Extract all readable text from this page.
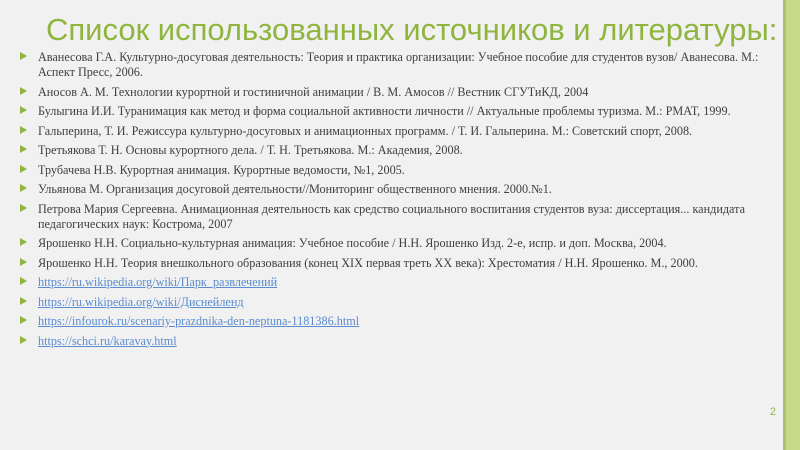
Список использованных источников и литературы:
Аванесова Г.А. Культурно-досуговая деятельность: Теория и практика организации: Учебное пособие для студентов вузов/ Аванесова. М.: Аспект Пресс, 2006.
Аносов А. М. Технологии курортной и гостиничной анимации / В. М. Амосов // Вестник СГУТиКД, 2004
Булыгина И.И. Туранимация как метод и форма социальной активности личности // Актуальные проблемы туризма. М.: РМАТ, 1999.
Гальперина, Т. И. Режиссура культурно-досуговых и анимационных программ. / Т. И. Гальперина. М.: Советский спорт, 2008.
Третьякова Т. Н. Основы курортного дела. / Т. Н. Третьякова. М.: Академия, 2008.
Трубачева Н.В. Курортная анимация. Курортные ведомости, №1, 2005.
Ульянова М. Организация досуговой деятельности//Мониторинг общественного мнения. 2000.№1.
Петрова Мария Сергеевна. Анимационная деятельность как средство социального воспитания студентов вуза: диссертация... кандидата педагогических наук: Кострома, 2007
Ярошенко Н.Н. Социально-культурная анимация: Учебное пособие / Н.Н. Ярошенко Изд. 2-е, испр. и доп. Москва, 2004.
Ярошенко Н.Н. Теория внешкольного образования (конец XIX первая треть XX века): Хрестоматия / Н.Н. Ярошенко. М., 2000.
https://ru.wikipedia.org/wiki/Парк_развлечений
https://ru.wikipedia.org/wiki/Диснейленд
https://infourok.ru/scenariy-prazdnika-den-neptuna-1181386.html
https://schci.ru/karavay.html
2
